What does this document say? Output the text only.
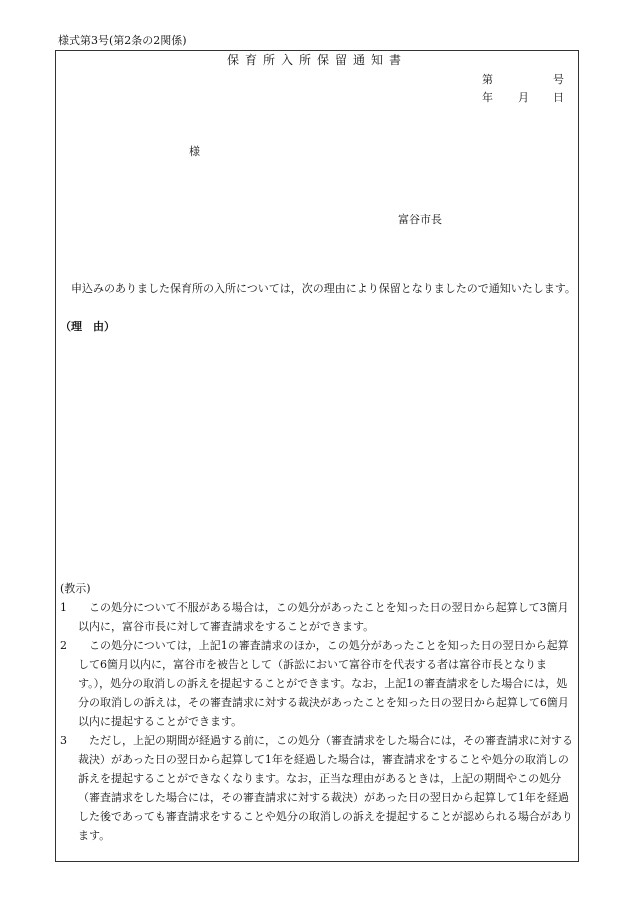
様式第3号(第2条の2関係)
保育所入所保留通知書
第	号
年 月 日
様
富谷市長
申込みのありました保育所の入所については，次の理由により保留となりましたので通知いたします。
（理　由）
(教示)
1	この処分について不服がある場合は，この処分があったことを知った日の翌日から起算して3箇月以内に，富谷市長に対して審査請求をすることができます。
2	この処分については，上記1の審査請求のほか，この処分があったことを知った日の翌日から起算して6箇月以内に，富谷市を被告として（訴訟において富谷市を代表する者は富谷市長となります。），処分の取消しの訴えを提起することができます。なお，上記1の審査請求をした場合には，処分の取消しの訴えは，その審査請求に対する裁決があったことを知った日の翌日から起算して6箇月以内に提起することができます。
3	ただし，上記の期間が経過する前に，この処分（審査請求をした場合には，その審査請求に対する裁決）があった日の翌日から起算して1年を経過した場合は，審査請求をすることや処分の取消しの訴えを提起することができなくなります。なお，正当な理由があるときは，上記の期間やこの処分（審査請求をした場合には，その審査請求に対する裁決）があった日の翌日から起算して1年を経過した後であっても審査請求をすることや処分の取消しの訴えを提起することが認められる場合があります。
